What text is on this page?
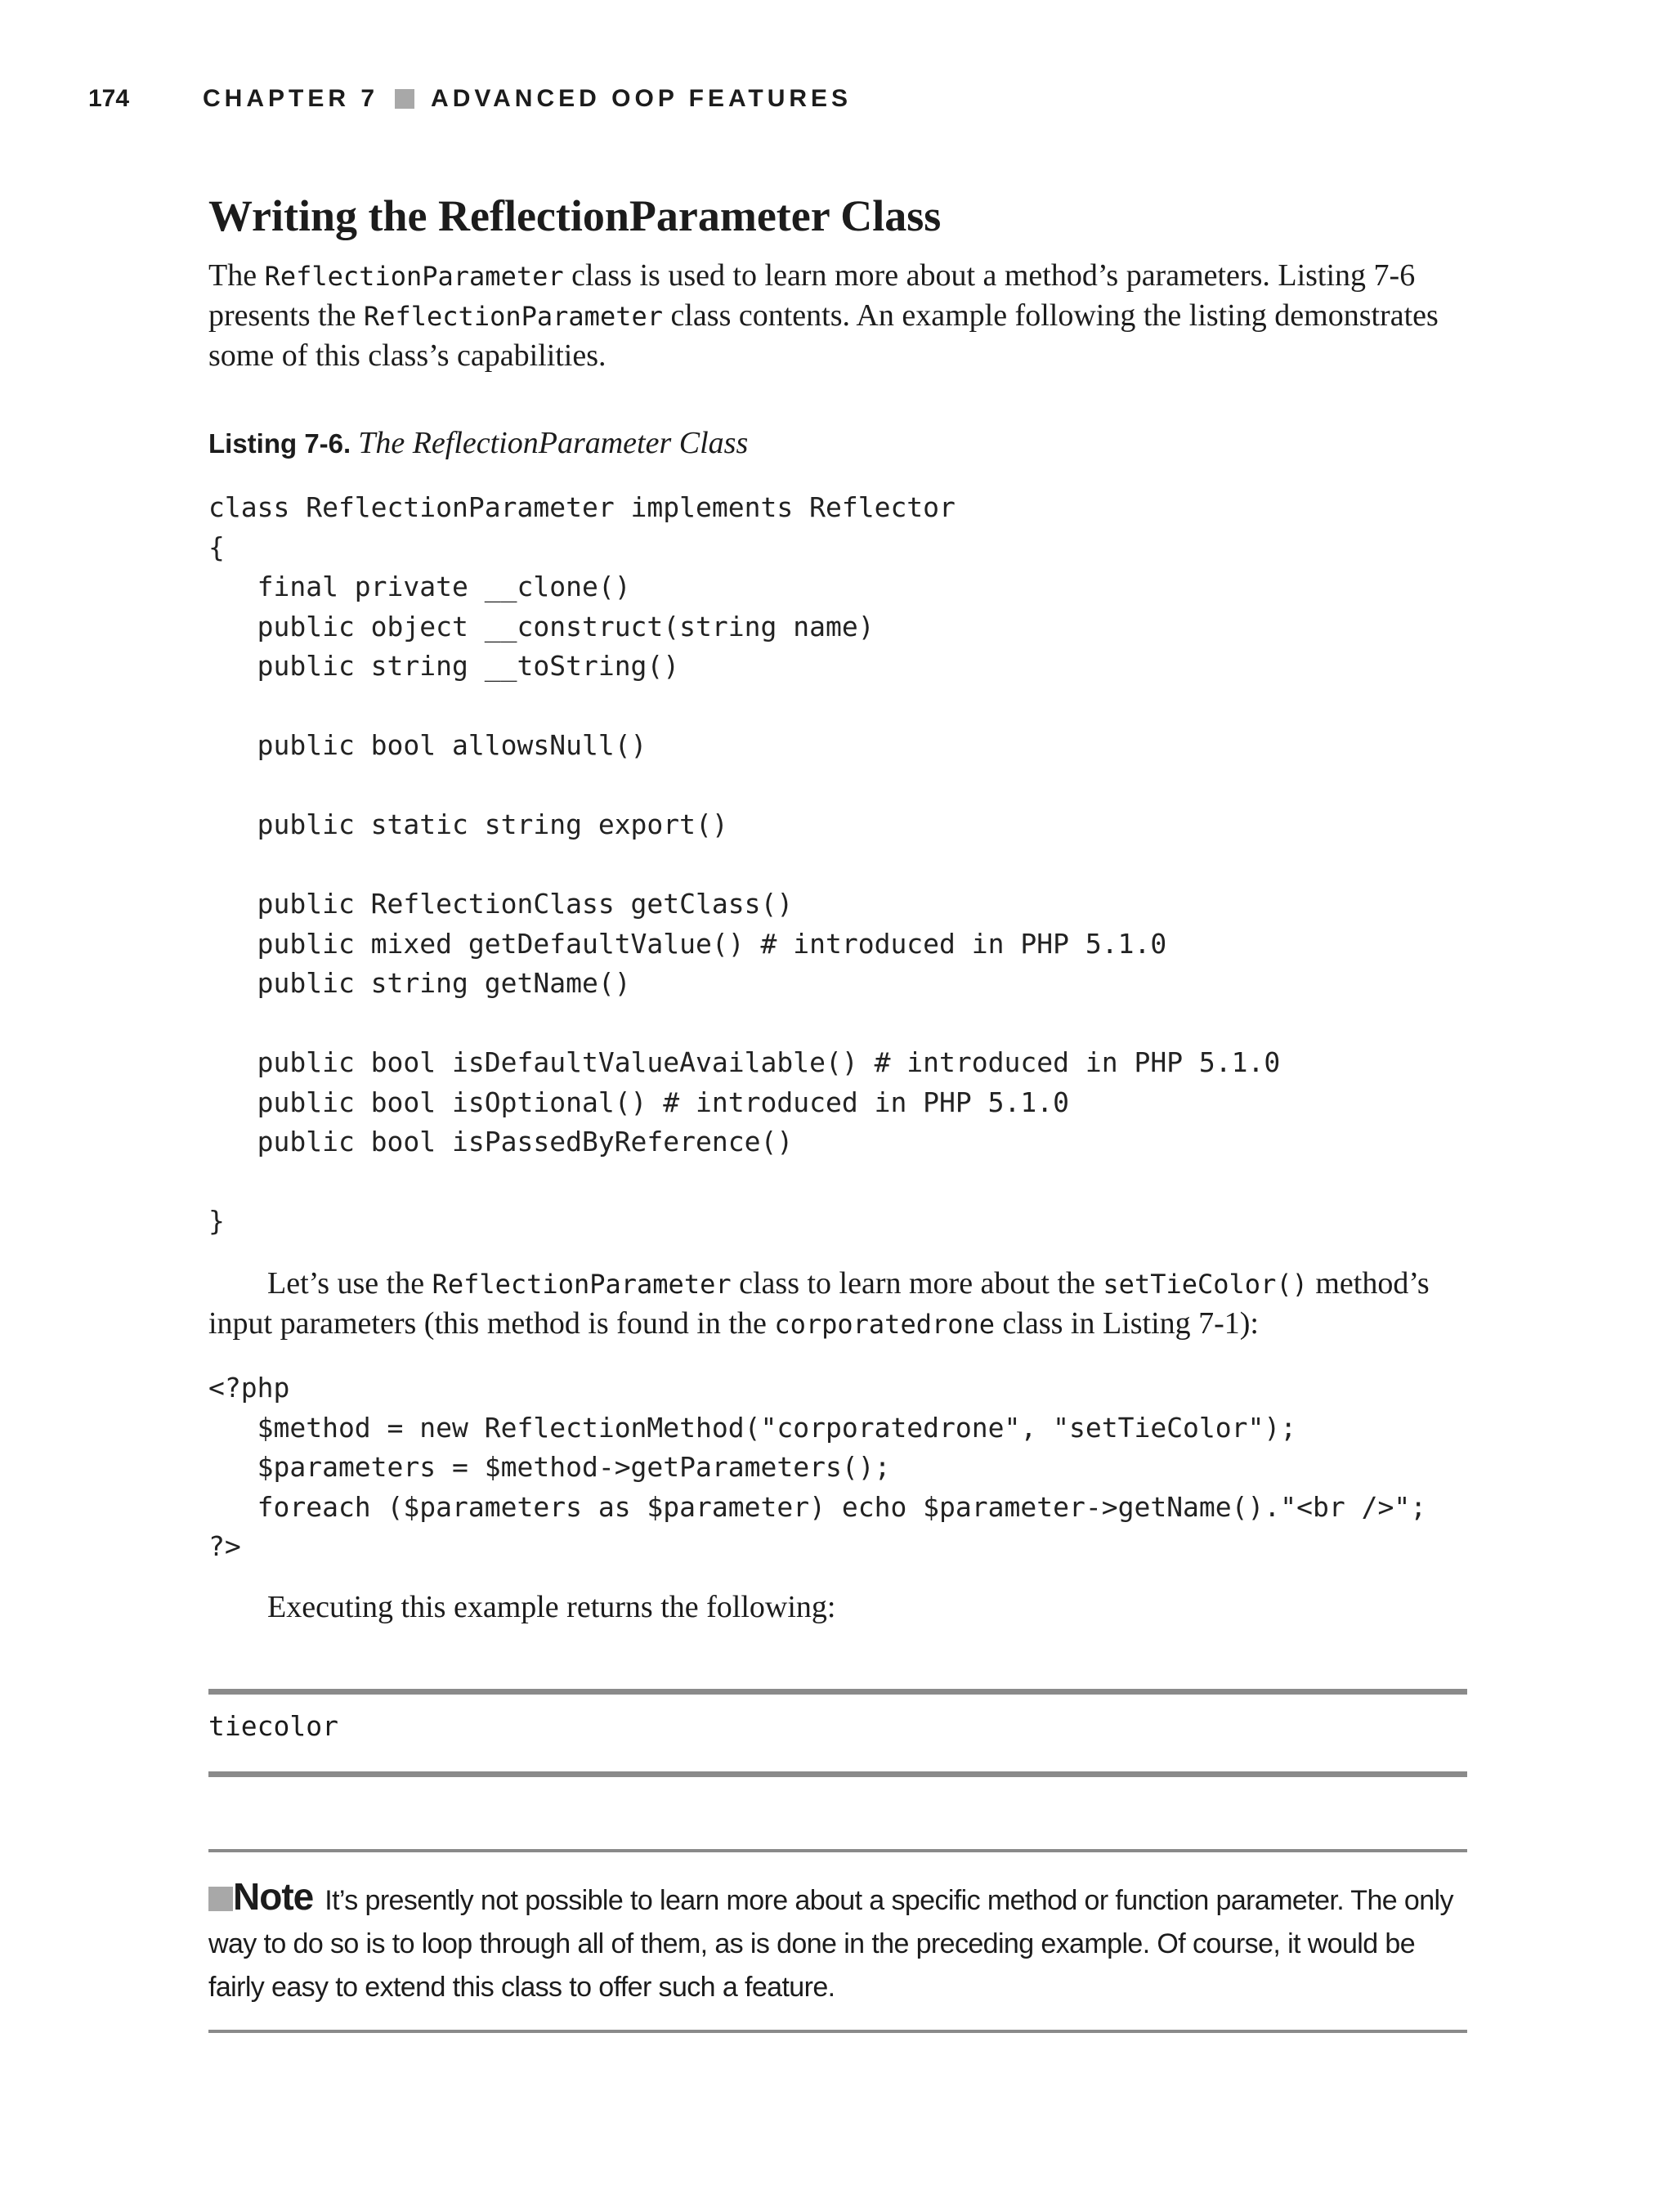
174	CHAPTER 7 ADVANCED OOP FEATURES
Writing the ReflectionParameter Class

The ReflectionParameter class is used to learn more about a method’s parameters. Listing 7-6 presents the ReflectionParameter class contents. An example following the listing demonstrates some of this class’s capabilities.

Listing 7-6. The ReflectionParameter Class
class ReflectionParameter implements Reflector
{
final private __clone()
public object __construct(string name)
public string __toString()

public bool allowsNull()

public static string export()

public ReflectionClass getClass()
public mixed getDefaultValue() # introduced in PHP 5.1.0
public string getName()

public bool isDefaultValueAvailable() # introduced in PHP 5.1.0
public bool isOptional() # introduced in PHP 5.1.0
public bool isPassedByReference()

}

Let’s use the ReflectionParameter class to learn more about the setTieColor() method’s input parameters (this method is found in the corporatedrone class in Listing 7-1):

<?php
$method = new ReflectionMethod("corporatedrone", "setTieColor");
$parameters = $method->getParameters();
foreach ($parameters as $parameter) echo $parameter->getName()."<br />";
?>

Executing this example returns the following:

tiecolor
Note It’s presently not possible to learn more about a specific method or function parameter. The only way to do so is to loop through all of them, as is done in the preceding example. Of course, it would be fairly easy to extend this class to offer such a feature.
